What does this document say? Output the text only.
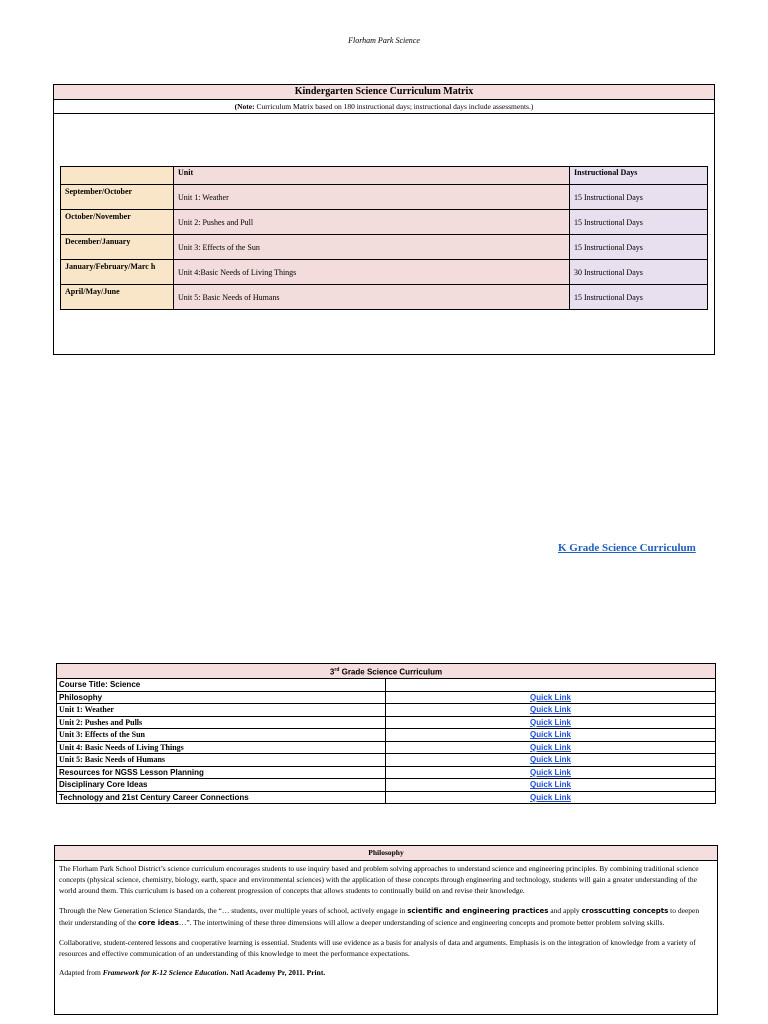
Florham Park Science
Kindergarten Science Curriculum Matrix
(Note: Curriculum Matrix based on 180 instructional days; instructional days include assessments.)
	Unit	Instructional Days
September/October	Unit 1: Weather	15 Instructional Days
October/November	Unit 2: Pushes and Pull	15 Instructional Days
December/January	Unit 3: Effects of the Sun	15 Instructional Days
January/February/Marc h	Unit 4:Basic Needs of Living Things	30 Instructional Days
April/May/June	Unit 5: Basic Needs of Humans	15 Instructional Days
K Grade Science Curriculum
3rd Grade Science Curriculum	
Course Title: Science	
Philosophy	Quick Link
Unit 1: Weather	Quick Link
Unit 2: Pushes and Pulls	Quick Link
Unit 3: Effects of the Sun	Quick Link
Unit 4: Basic Needs of Living Things	Quick Link
Unit 5: Basic Needs of Humans	Quick Link
Resources for NGSS Lesson Planning	Quick Link
Disciplinary Core Ideas	Quick Link
Technology and 21st Century Career Connections	Quick Link
Philosophy

The Florham Park School District’s science curriculum encourages students to use inquiry based and problem solving approaches to understand science and engineering principles. By combining traditional science concepts (physical science, chemistry, biology, earth, space and environmental sciences) with the application of these concepts through engineering and technology, students will gain a greater understanding of the world around them. This curriculum is based on a coherent progression of concepts that allows students to continually build on and revise their knowledge.

Through the New Generation Science Standards, the “… students, over multiple years of school, actively engage in scientific and engineering practices and apply crosscutting concepts to deepen their understanding of the core ideas…”. The intertwining of these three dimensions will allow a deeper understanding of science and engineering concepts and promote better problem solving skills.

Collaborative, student-centered lessons and cooperative learning is essential. Students will use evidence as a basis for analysis of data and arguments. Emphasis is on the integration of knowledge from a variety of resources and effective communication of an understanding of this knowledge to meet the performance expectations.

Adapted from Framework for K-12 Science Education. Natl Academy Pr, 2011. Print.
